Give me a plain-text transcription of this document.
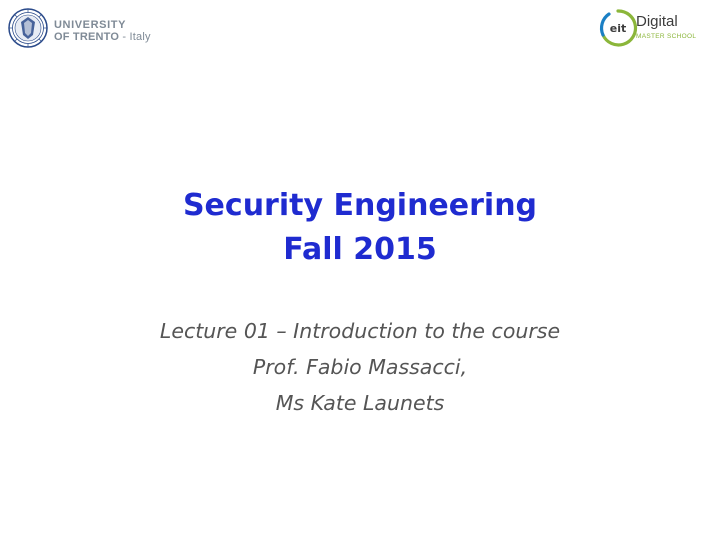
UNIVERSITY
OF TRENTO - Italy
eit Digital
MASTER SCHOOL
Security Engineering
Fall 2015
Lecture 01 – Introduction to the course
Prof. Fabio Massacci,
Ms Kate Launets
